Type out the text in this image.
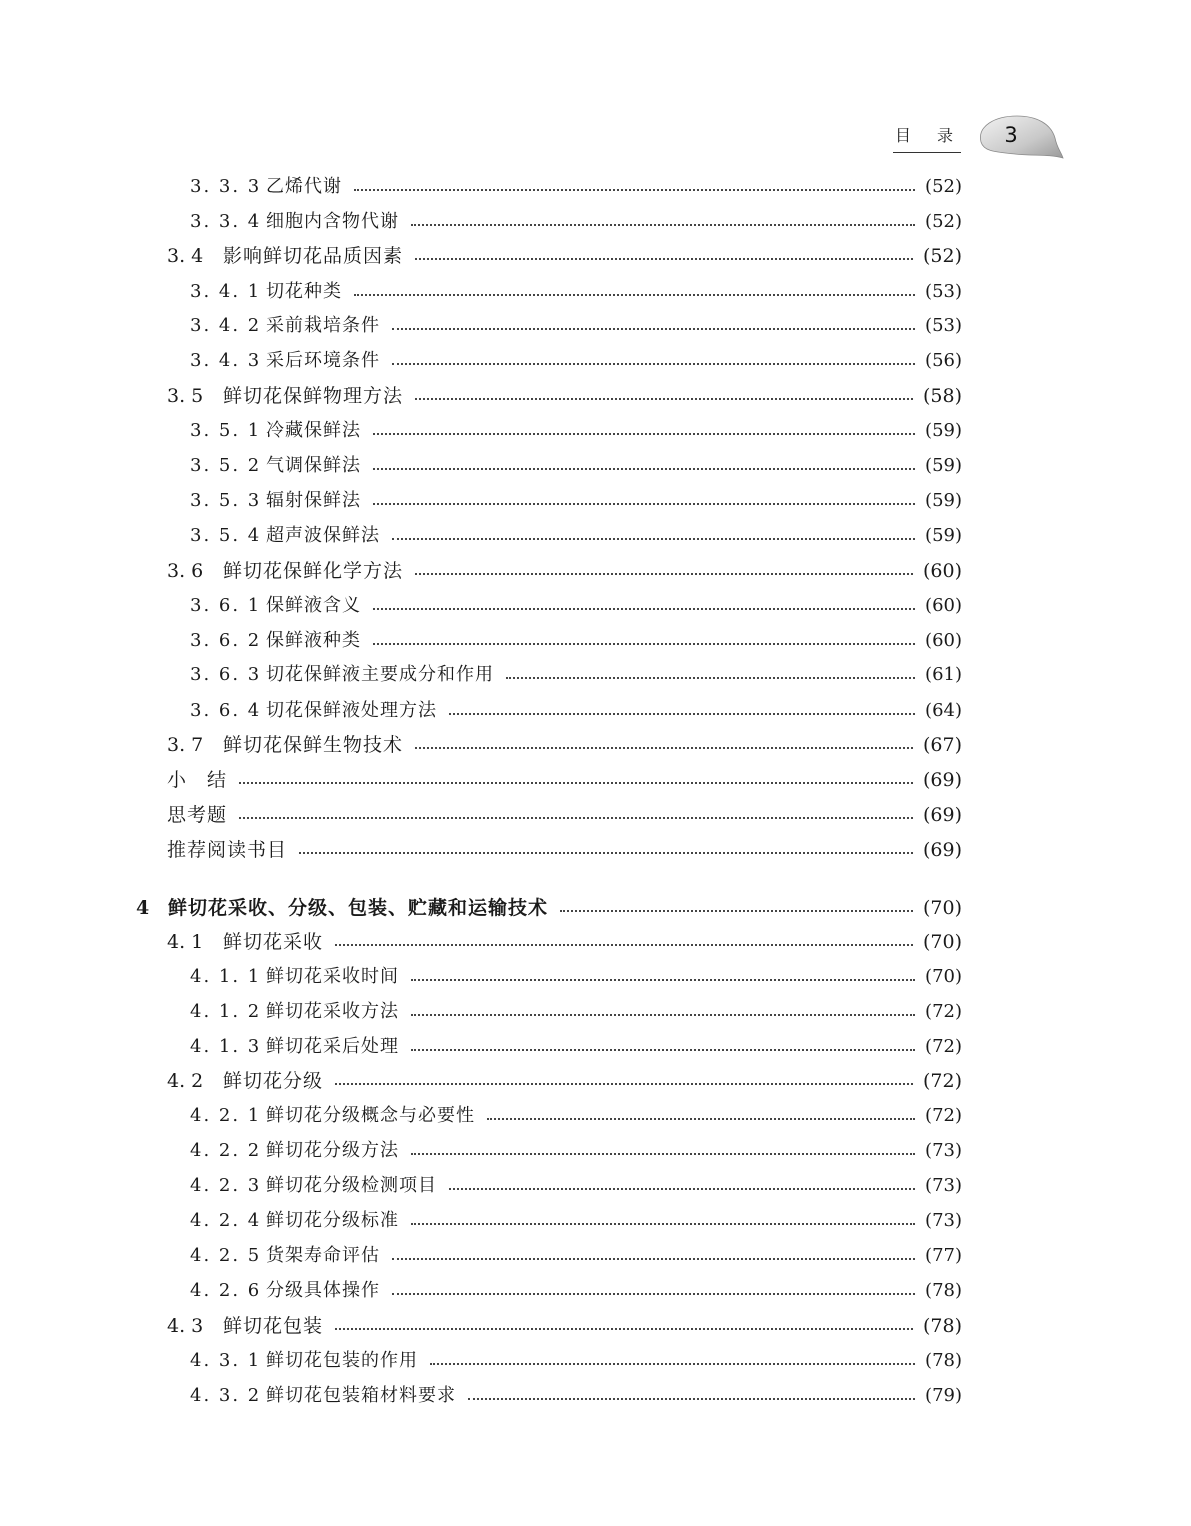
目 录 3
3. 3. 3 乙烯代谢	(52)
3. 3. 4 细胞内含物代谢	(52)
3. 4	影响鲜切花品质因素	(52)
3. 4. 1 切花种类	(53)
3. 4. 2 采前栽培条件	(53)
3. 4. 3 采后环境条件	(56)
3. 5	鲜切花保鲜物理方法	(58)
3. 5. 1 冷藏保鲜法	(59)
3. 5. 2 气调保鲜法	(59)
3. 5. 3 辐射保鲜法	(59)
3. 5. 4 超声波保鲜法	(59)
3. 6	鲜切花保鲜化学方法	(60)
3. 6. 1 保鲜液含义	(60)
3. 6. 2 保鲜液种类	(60)
3. 6. 3 切花保鲜液主要成分和作用	(61)
3. 6. 4 切花保鲜液处理方法	(64)
3. 7	鲜切花保鲜生物技术	(67)
小　结	(69)
思考题	(69)
推荐阅读书目	(69)
4 鲜切花采收、分级、包装、贮藏和运输技术	(70)
4. 1	鲜切花采收	(70)
4. 1. 1 鲜切花采收时间	(70)
4. 1. 2 鲜切花采收方法	(72)
4. 1. 3 鲜切花采后处理	(72)
4. 2	鲜切花分级	(72)
4. 2. 1 鲜切花分级概念与必要性	(72)
4. 2. 2 鲜切花分级方法	(73)
4. 2. 3 鲜切花分级检测项目	(73)
4. 2. 4 鲜切花分级标准	(73)
4. 2. 5 货架寿命评估	(77)
4. 2. 6 分级具体操作	(78)
4. 3	鲜切花包装	(78)
4. 3. 1 鲜切花包装的作用	(78)
4. 3. 2 鲜切花包装箱材料要求	(79)
